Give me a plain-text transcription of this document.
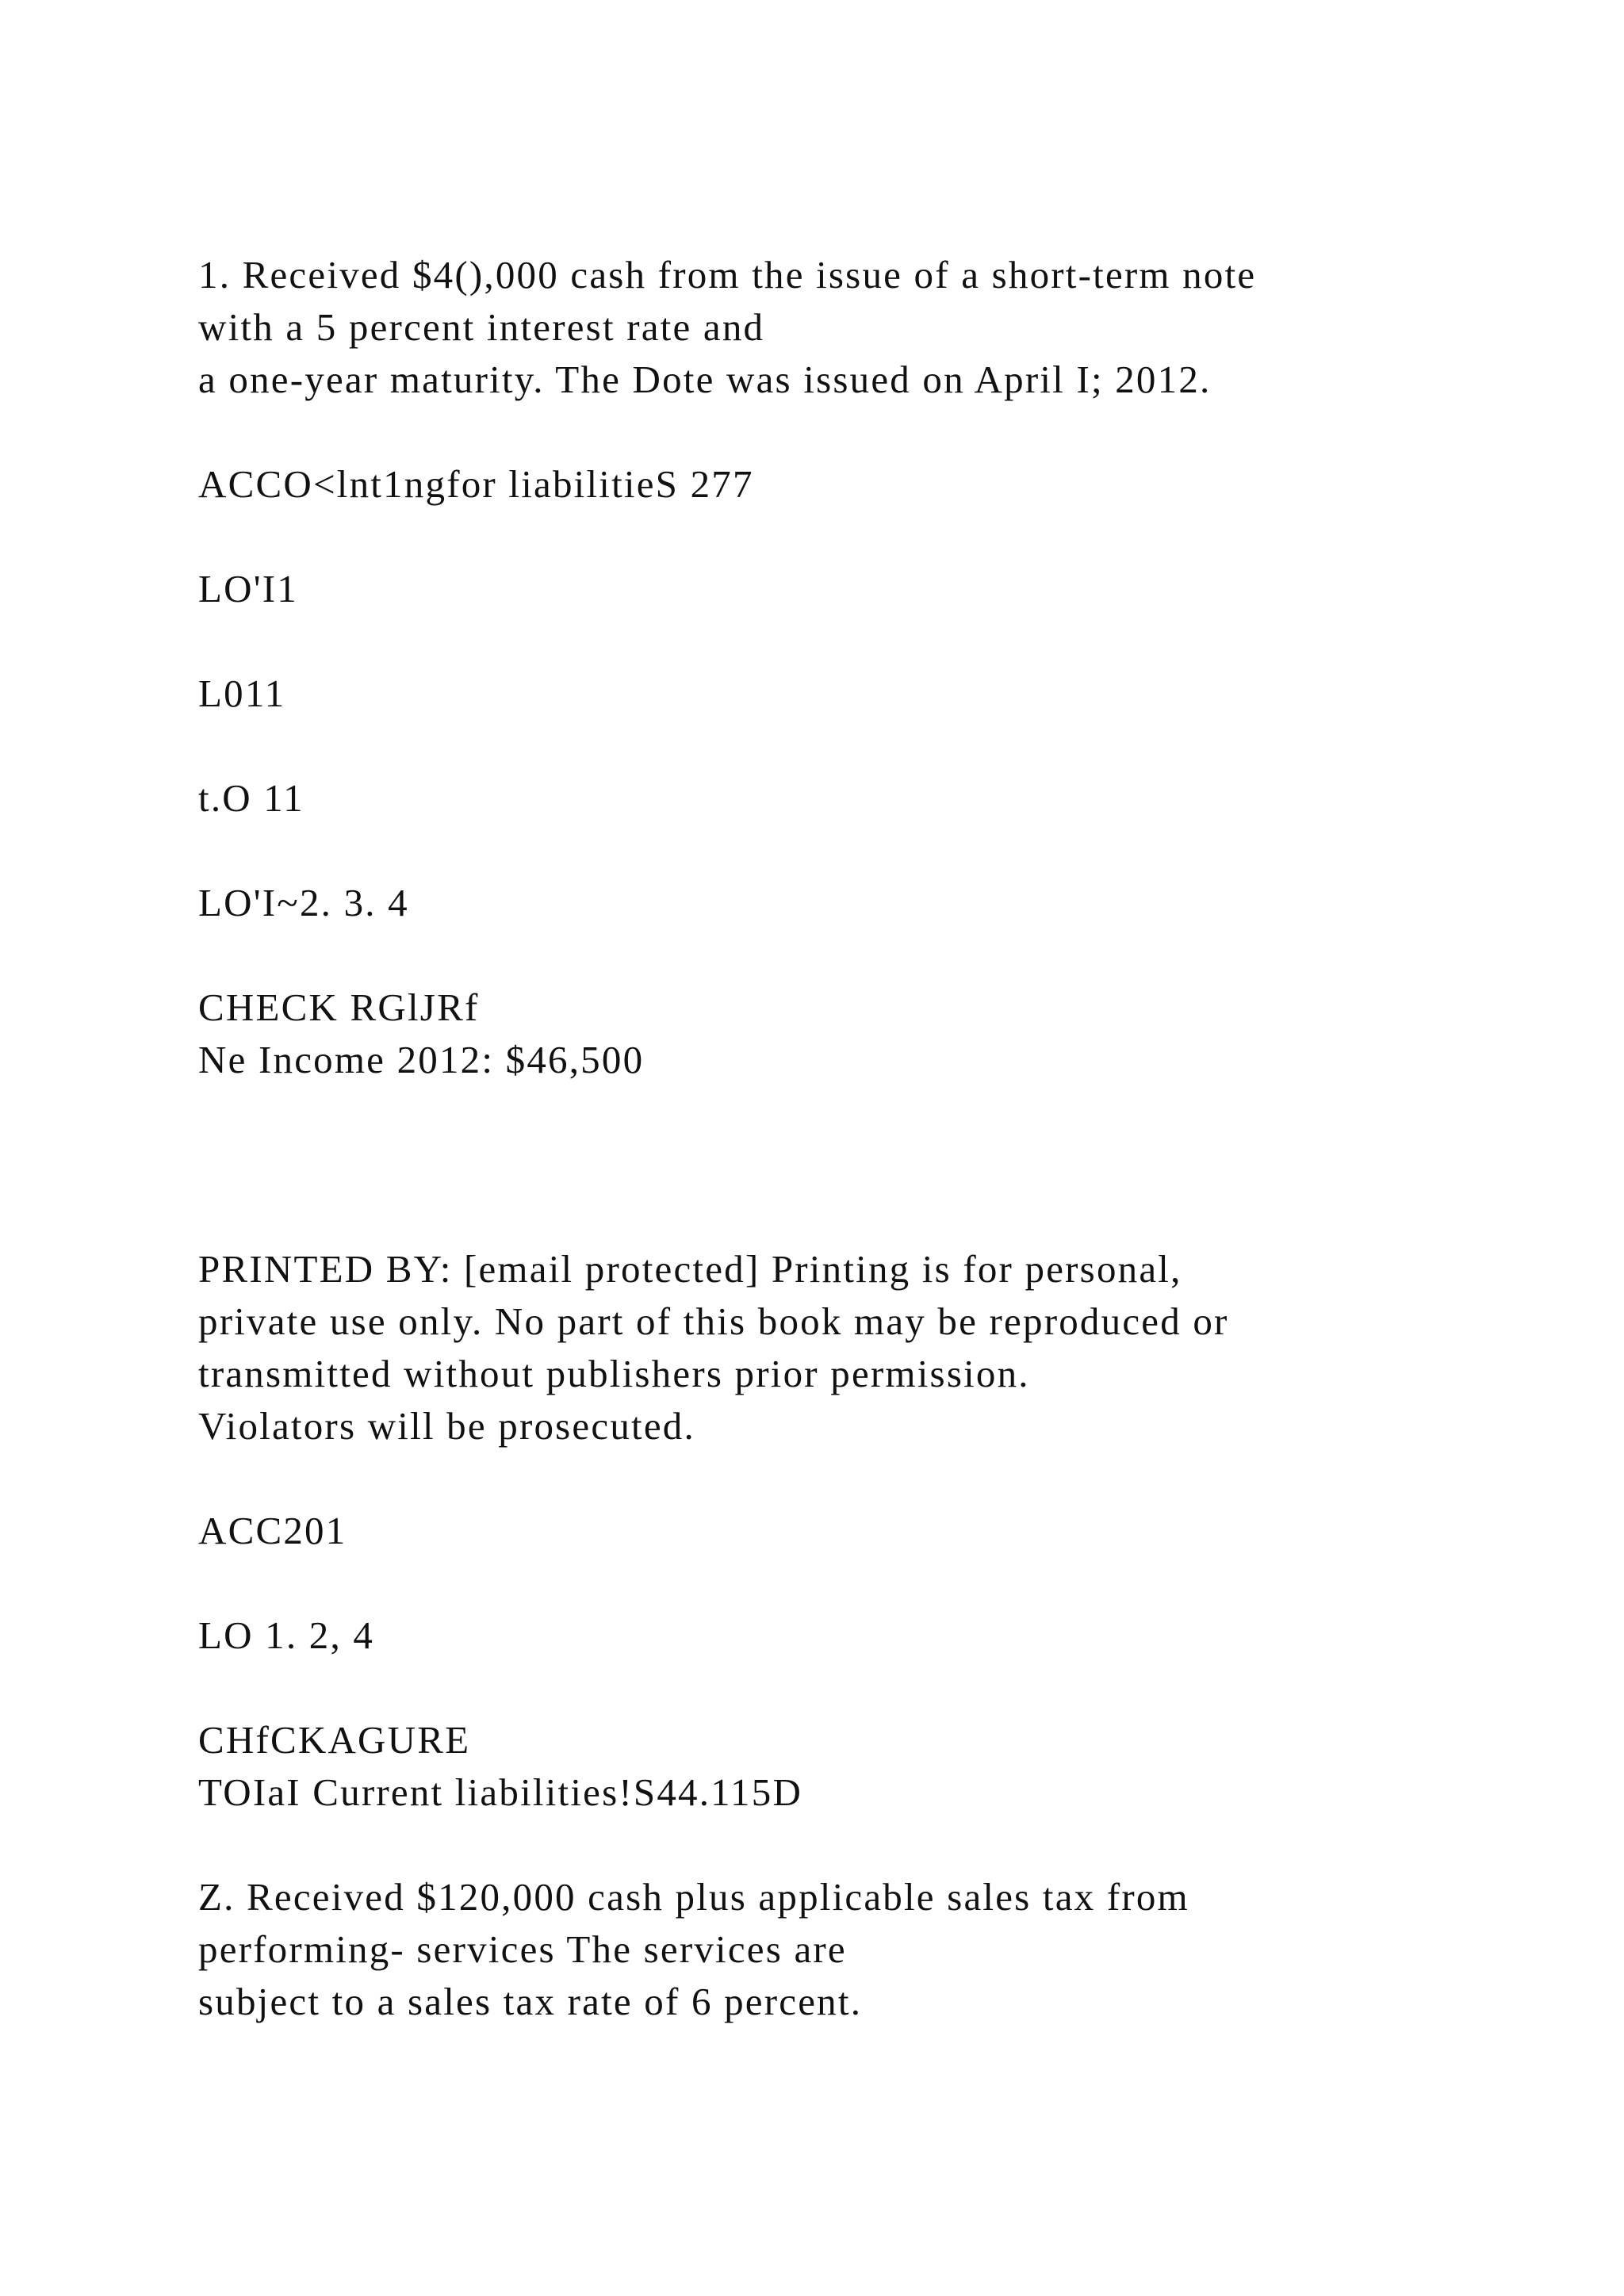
1. Received $4(),000 cash from the issue of a short-term note

with a 5 percent interest rate and

a one-year maturity. The Dote was issued on April I; 2012.

ACCO<lnt1ngfor liabilitieS 277

LO'I1

L011

t.O 11

LO'I~2. 3. 4

CHECK RGlJRf

Ne Income 2012: $46,500

PRINTED BY: [email protected] Printing is for personal,

private use only. No part of this book may be reproduced or

transmitted without publishers prior permission.

Violators will be prosecuted.

ACC201

LO 1. 2, 4

CHfCKAGURE

TOIaI Current liabilities!S44.115D

Z. Received $120,000 cash plus applicable sales tax from

performing- services The services are

subject to a sales tax rate of 6 percent.
